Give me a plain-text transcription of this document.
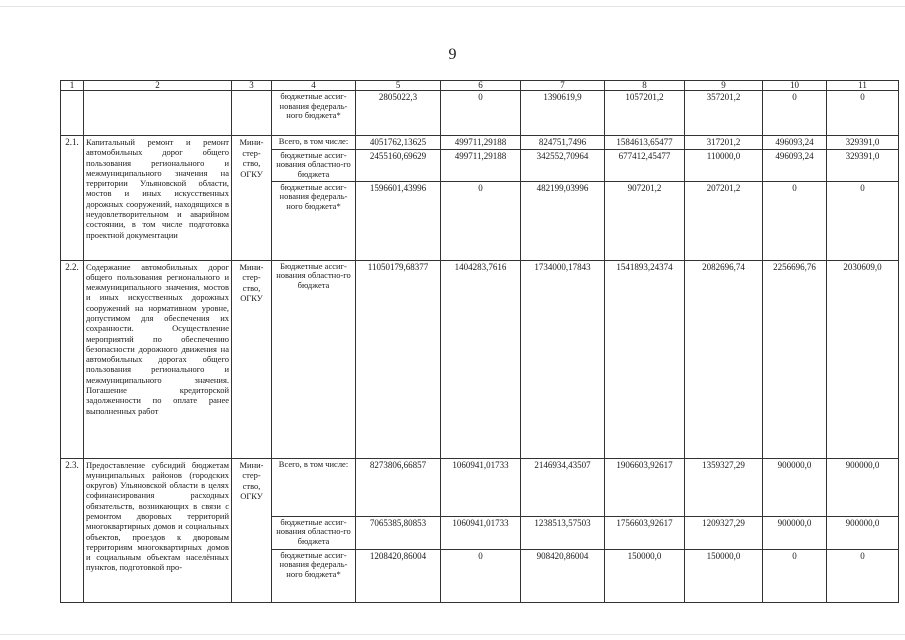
9
1	2	3	4	5	6	7	8	9	10	11
			бюджетные ассиг-нования федераль-ного бюджета*	2805022,3	0	1390619,9	1057201,2	357201,2	0	0
2.1.	Капитальный ремонт и ремонт автомобильных дорог общего пользования регионального и межмуниципального значения на территории Ульяновской области, мостов и иных искусственных дорожных сооружений, находящихся в неудовлетворительном и аварийном состоянии, в том числе подготовка проектной документации	Мини-стер-ство, ОГКУ	Всего, в том числе:	4051762,13625	499711,29188	824751,7496	1584613,65477	317201,2	496093,24	329391,0
			бюджетные ассиг-нования областно-го бюджета	2455160,69629	499711,29188	342552,70964	677412,45477	110000,0	496093,24	329391,0
			бюджетные ассиг-нования федераль-ного бюджета*	1596601,43996	0	482199,03996	907201,2	207201,2	0	0
2.2.	Содержание автомобильных дорог общего пользования регионального и межмуниципального значения, мостов и иных искусственных дорожных сооружений на нормативном уровне, допустимом для обеспечения их сохранности. Осуществление мероприятий по обеспечению безопасности дорожного движения на автомобильных дорогах общего пользования регионального и межмуниципального значения. Погашение кредиторской задолженности по оплате ранее выполненных работ	Мини-стер-ство, ОГКУ	Бюджетные ассиг-нования областно-го бюджета	11050179,68377	1404283,7616	1734000,17843	1541893,24374	2082696,74	2256696,76	2030609,0
2.3.	Предоставление субсидий бюджетам муниципальных районов (городских округов) Ульяновской области в целях софинансирования расходных обязательств, возникающих в связи с ремонтом дворовых территорий многоквартирных домов и социальных объектов, проездов к дворовым территориям многоквартирных домов и социальным объектам населённых пунктов, подготовкой про-	Мини-стер-ство, ОГКУ	Всего, в том числе:	8273806,66857	1060941,01733	2146934,43507	1906603,92617	1359327,29	900000,0	900000,0
			бюджетные ассиг-нования областно-го бюджета	7065385,80853	1060941,01733	1238513,57503	1756603,92617	1209327,29	900000,0	900000,0
			бюджетные ассиг-нования федераль-ного бюджета*	1208420,86004	0	908420,86004	150000,0	150000,0	0	0
